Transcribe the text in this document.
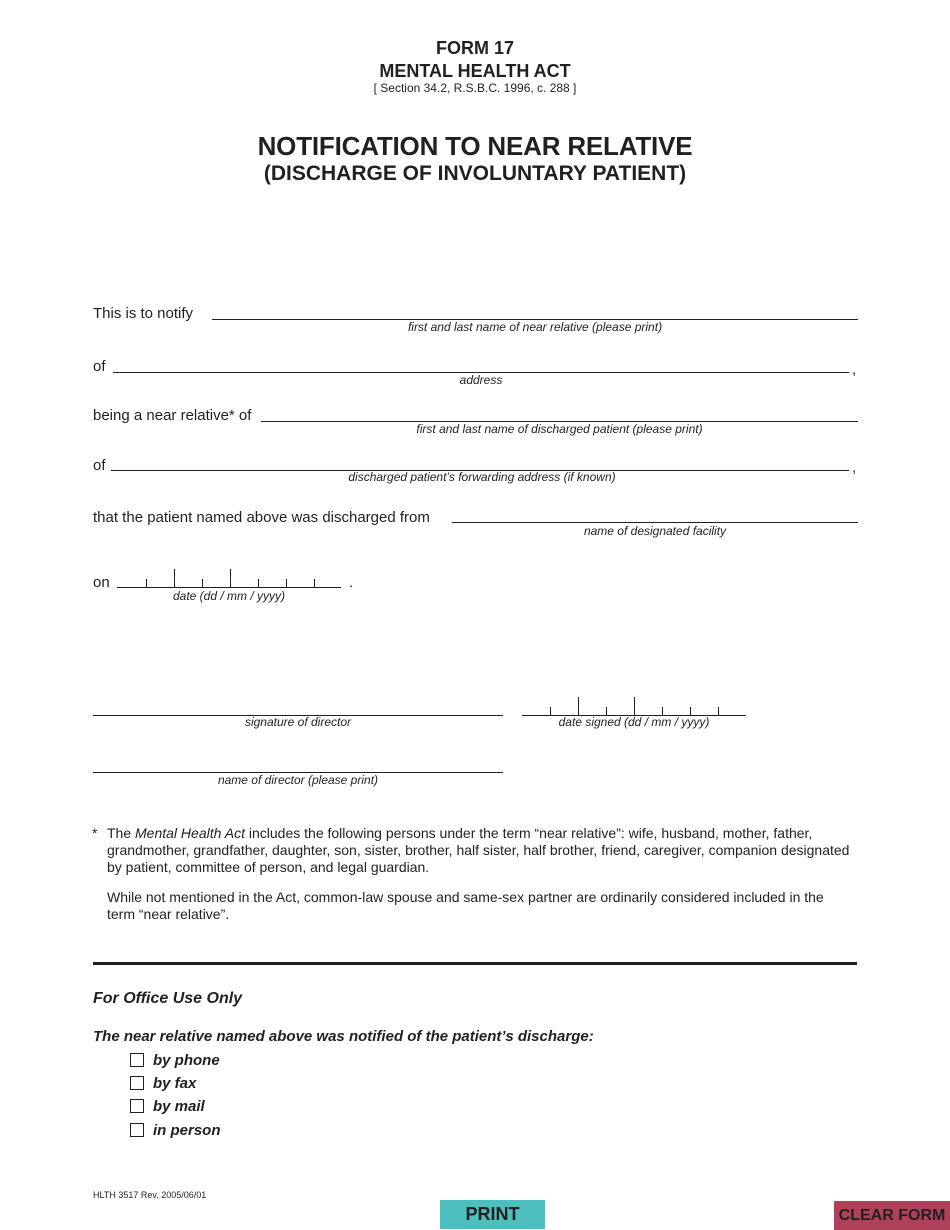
FORM 17
MENTAL HEALTH ACT
[ Section 34.2, R.S.B.C. 1996, c. 288 ]
NOTIFICATION TO NEAR RELATIVE
(DISCHARGE OF INVOLUNTARY PATIENT)
This is to notify
first and last name of near relative (please print)
of	,
address
being a near relative* of
first and last name of discharged patient (please print)
of	,
discharged patient’s forwarding address (if known)
that the patient named above was discharged from
name of designated facility
on	.
date (dd / mm / yyyy)
signature of director	date signed (dd / mm / yyyy)
name of director (please print)
* The Mental Health Act includes the following persons under the term “near relative”: wife, husband, mother, father, grandmother, grandfather, daughter, son, sister, brother, half sister, half brother, friend, caregiver, companion designated by patient, committee of person, and legal guardian.
While not mentioned in the Act, common-law spouse and same-sex partner are ordinarily considered included in the term “near relative”.
For Office Use Only
The near relative named above was notified of the patient’s discharge:
by phone
by fax
by mail
in person
HLTH 3517 Rev. 2005/06/01
PRINT	CLEAR FORM
